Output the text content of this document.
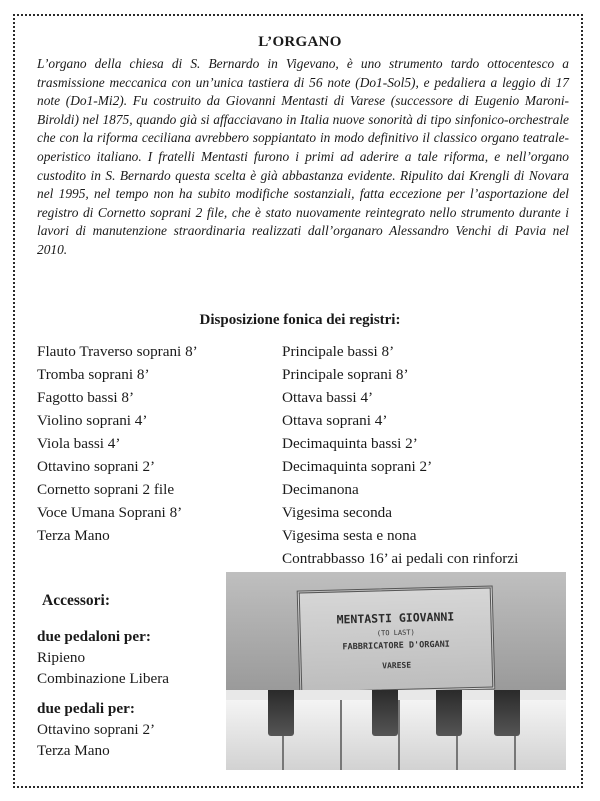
L’ORGANO
L’organo della chiesa di S. Bernardo in Vigevano, è uno strumento tardo ottocentesco a trasmissione meccanica con un’unica tastiera di 56 note (Do1-Sol5), e pedaliera a leggio di 17 note (Do1-Mi2). Fu costruito da Giovanni Mentasti di Varese (successore di Eugenio Maroni-Biroldi) nel 1875, quando già si affacciavano in Italia nuove sonorità di tipo sinfonico-orchestrale che con la riforma ceciliana avrebbero soppiantato in modo definitivo il classico organo teatrale-operistico italiano. I fratelli Mentasti furono i primi ad aderire a tale riforma, e nell’organo custodito in S. Bernardo questa scelta è già abbastanza evidente. Ripulito dai Krengli di Novara nel 1995, nel tempo non ha subito modifiche sostanziali, fatta eccezione per l’asportazione del registro di Cornetto soprani 2 file, che è stato nuovamente reintegrato nello strumento durante i lavori di manutenzione straordinaria realizzati dall’organaro Alessandro Venchi di Pavia nel 2010.
Disposizione fonica dei registri:
Flauto Traverso soprani 8’
Tromba soprani 8’
Fagotto bassi 8’
Violino soprani 4’
Viola bassi 4’
Ottavino soprani 2’
Cornetto soprani 2 file
Voce Umana Soprani 8’
Terza Mano
Principale bassi 8’
Principale soprani 8’
Ottava bassi 4’
Ottava soprani 4’
Decimaquinta bassi 2’
Decimaquinta soprani 2’
Decimanona
Vigesima seconda
Vigesima sesta e nona
Contrabbasso 16’ ai pedali con rinforzi
Accessori:
due pedaloni per:
Ripieno
Combinazione Libera
due pedali per:
Ottavino soprani 2’
Terza Mano
MENTASTI GIOVANNI
(TO LAST)
FABBRICATORE D'ORGANI
VARESE
